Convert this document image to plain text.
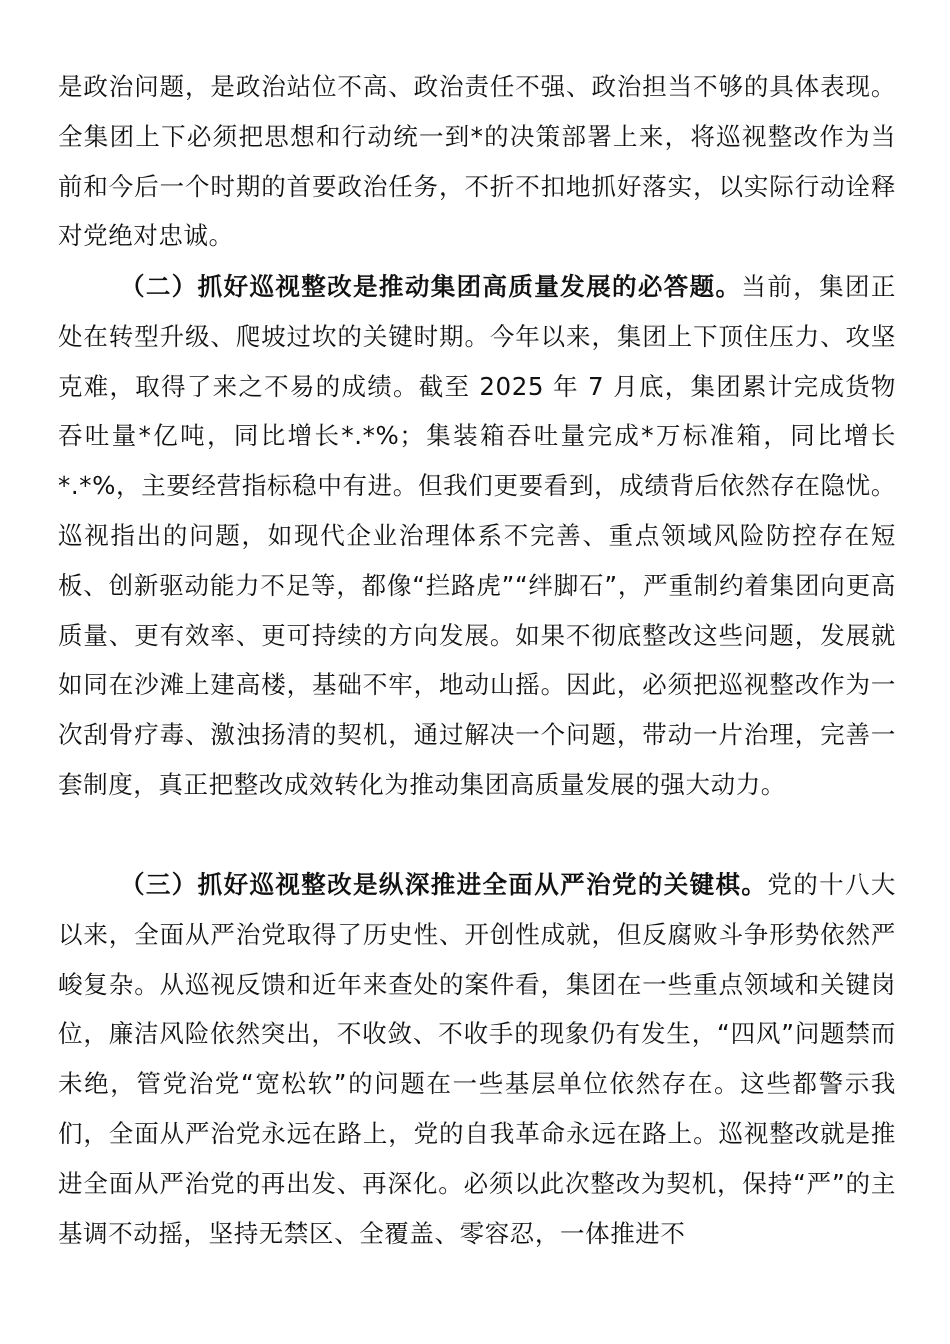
是政治问题，是政治站位不高、政治责任不强、政治担当不够的具体表现。全集团上下必须把思想和行动统一到*的决策部署上来，将巡视整改作为当前和今后一个时期的首要政治任务，不折不扣地抓好落实，以实际行动诠释对党绝对忠诚。

（二）抓好巡视整改是推动集团高质量发展的必答题。当前，集团正处在转型升级、爬坡过坎的关键时期。今年以来，集团上下顶住压力、攻坚克难，取得了来之不易的成绩。截至 2025 年 7 月底，集团累计完成货物吞吐量*亿吨，同比增长*.*%；集装箱吞吐量完成*万标准箱，同比增长*.*%，主要经营指标稳中有进。但我们更要看到，成绩背后依然存在隐忧。巡视指出的问题，如现代企业治理体系不完善、重点领域风险防控存在短板、创新驱动能力不足等，都像“拦路虎”“绊脚石”，严重制约着集团向更高质量、更有效率、更可持续的方向发展。如果不彻底整改这些问题，发展就如同在沙滩上建高楼，基础不牢，地动山摇。因此，必须把巡视整改作为一次刮骨疗毒、激浊扬清的契机，通过解决一个问题，带动一片治理，完善一套制度，真正把整改成效转化为推动集团高质量发展的强大动力。

（三）抓好巡视整改是纵深推进全面从严治党的关键棋。党的十八大以来，全面从严治党取得了历史性、开创性成就，但反腐败斗争形势依然严峻复杂。从巡视反馈和近年来查处的案件看，集团在一些重点领域和关键岗位，廉洁风险依然突出，不收敛、不收手的现象仍有发生，“四风”问题禁而未绝，管党治党“宽松软”的问题在一些基层单位依然存在。这些都警示我们，全面从严治党永远在路上，党的自我革命永远在路上。巡视整改就是推进全面从严治党的再出发、再深化。必须以此次整改为契机，保持“严”的主基调不动摇，坚持无禁区、全覆盖、零容忍，一体推进不
